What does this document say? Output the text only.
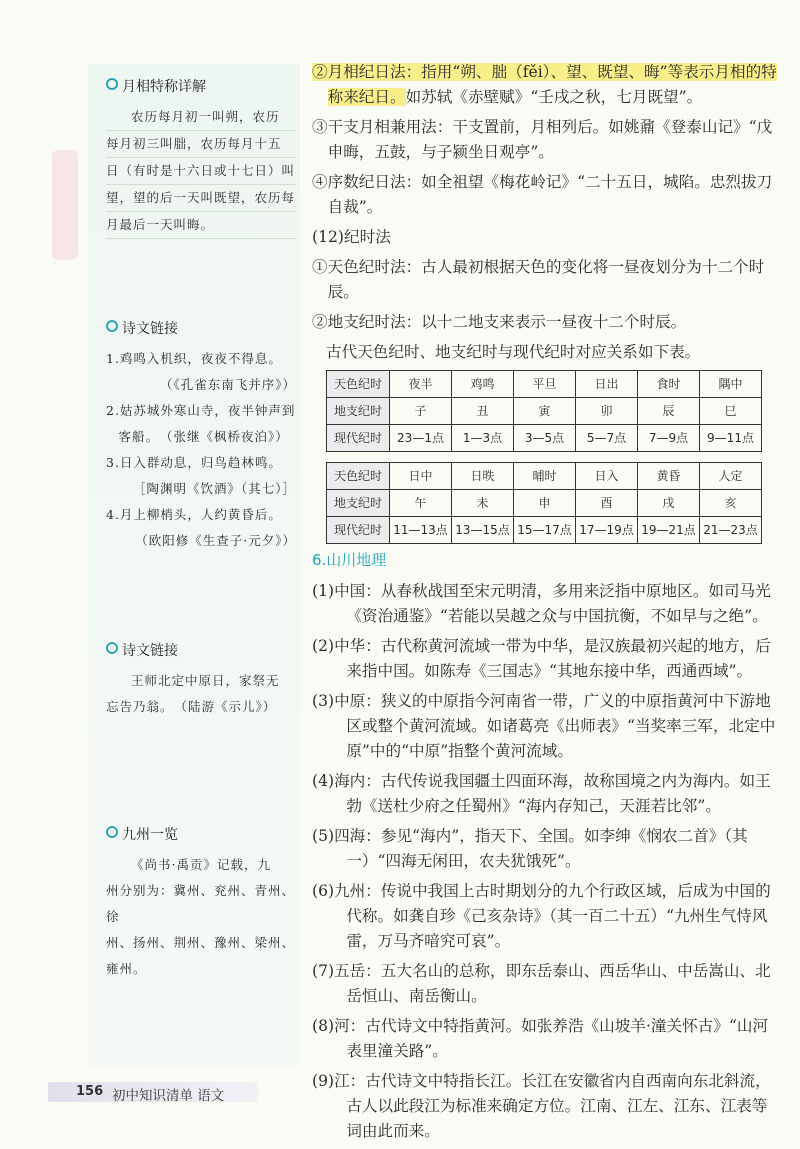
月相特称详解

农历每月初一叫朔，农历

每月初三叫朏，农历每月十五

日（有时是十六日或十七日）叫

望，望的后一天叫既望，农历每

月最后一天叫晦。

诗文链接

1.鸡鸣入机织，夜夜不得息。

（《孔雀东南飞并序》）

2.姑苏城外寒山寺，夜半钟声到

客船。　（张继《枫桥夜泊》）

3.日入群动息，归鸟趋林鸣。

［陶渊明《饮酒》（其七）］

4.月上柳梢头，人约黄昏后。

（欧阳修《生查子·元夕》）

诗文链接

王师北定中原日，家祭无

忘告乃翁。　（陆游《示儿》）

九州一览

《尚书·禹贡》记载，九

州分别为：冀州、兖州、青州、徐

州、扬州、荆州、豫州、梁州、

雍州。

②月相纪日法：指用“朔、朏（fěi）、望、既望、晦”等表示月相的特称来纪日。如苏轼《赤壁赋》“壬戌之秋，七月既望”。

③干支月相兼用法：干支置前，月相列后。如姚鼐《登泰山记》“戊申晦，五鼓，与子颍坐日观亭”。

④序数纪日法：如全祖望《梅花岭记》“二十五日，城陷。忠烈拔刀自裁”。

(12)纪时法

①天色纪时法：古人最初根据天色的变化将一昼夜划分为十二个时辰。

②地支纪时法：以十二地支来表示一昼夜十二个时辰。

古代天色纪时、地支纪时与现代纪时对应关系如下表。

天色纪时	夜半	鸡鸣	平旦	日出	食时	隅中
地支纪时	子	丑	寅	卯	辰	巳
现代纪时	23—1点	1—3点	3—5点	5—7点	7—9点	9—11点
天色纪时	日中	日昳	晡时	日入	黄昏	人定
地支纪时	午	未	申	酉	戌	亥
现代纪时	11—13点	13—15点	15—17点	17—19点	19—21点	21—23点
6.山川地理

(1)中国：从春秋战国至宋元明清，多用来泛指中原地区。如司马光《资治通鉴》“若能以吴越之众与中国抗衡，不如早与之绝”。

(2)中华：古代称黄河流域一带为中华，是汉族最初兴起的地方，后来指中国。如陈寿《三国志》“其地东接中华，西通西域”。

(3)中原：狭义的中原指今河南省一带，广义的中原指黄河中下游地区或整个黄河流域。如诸葛亮《出师表》“当奖率三军，北定中原”中的“中原”指整个黄河流域。

(4)海内：古代传说我国疆土四面环海，故称国境之内为海内。如王勃《送杜少府之任蜀州》“海内存知己，天涯若比邻”。

(5)四海：参见“海内”，指天下、全国。如李绅《悯农二首》（其一）“四海无闲田，农夫犹饿死”。

(6)九州：传说中我国上古时期划分的九个行政区域，后成为中国的代称。如龚自珍《己亥杂诗》（其一百二十五）“九州生气恃风雷，万马齐喑究可哀”。

(7)五岳：五大名山的总称，即东岳泰山、西岳华山、中岳嵩山、北岳恒山、南岳衡山。

(8)河：古代诗文中特指黄河。如张养浩《山坡羊·潼关怀古》“山河表里潼关路”。

(9)江：古代诗文中特指长江。长江在安徽省内自西南向东北斜流，古人以此段江为标准来确定方位。江南、江左、江东、江表等词由此而来。

156 初中知识清单 语文
